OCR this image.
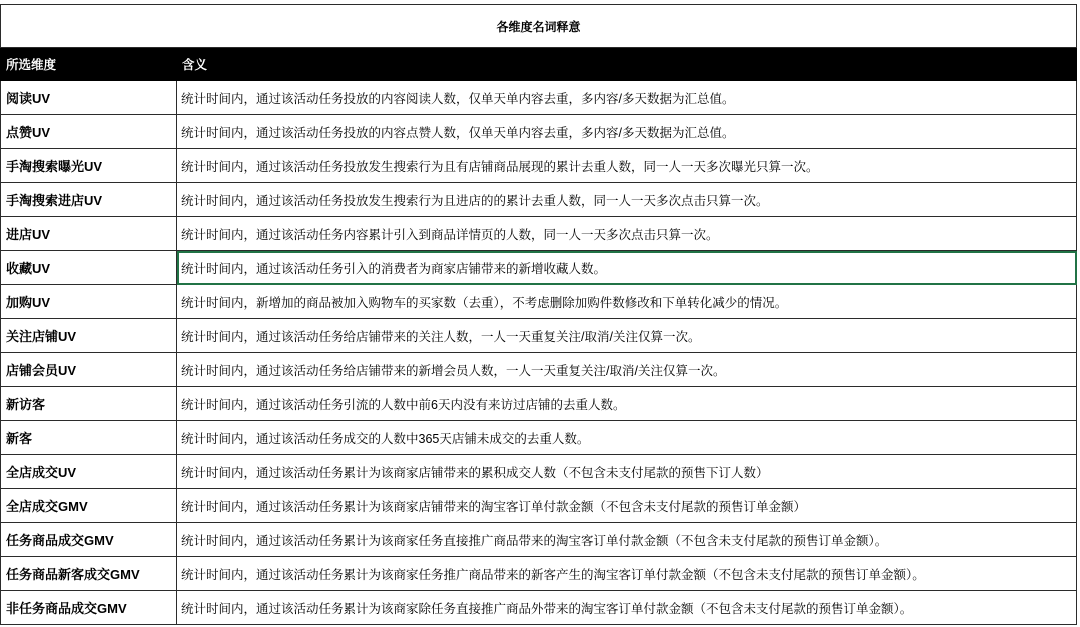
各维度名词释意	
所选维度	含义
阅读UV	统计时间内，通过该活动任务投放的内容阅读人数，仅单天单内容去重，多内容/多天数据为汇总值。
点赞UV	统计时间内，通过该活动任务投放的内容点赞人数，仅单天单内容去重，多内容/多天数据为汇总值。
手淘搜索曝光UV	统计时间内，通过该活动任务投放发生搜索行为且有店铺商品展现的累计去重人数，同一人一天多次曝光只算一次。
手淘搜索进店UV	统计时间内，通过该活动任务投放发生搜索行为且进店的的累计去重人数，同一人一天多次点击只算一次。
进店UV	统计时间内，通过该活动任务内容累计引入到商品详情页的人数，同一人一天多次点击只算一次。
收藏UV	统计时间内，通过该活动任务引入的消费者为商家店铺带来的新增收藏人数。
加购UV	统计时间内，新增加的商品被加入购物车的买家数（去重），不考虑删除加购件数修改和下单转化减少的情况。
关注店铺UV	统计时间内，通过该活动任务给店铺带来的关注人数，一人一天重复关注/取消/关注仅算一次。
店铺会员UV	统计时间内，通过该活动任务给店铺带来的新增会员人数，一人一天重复关注/取消/关注仅算一次。
新访客	统计时间内，通过该活动任务引流的人数中前6天内没有来访过店铺的去重人数。
新客	统计时间内，通过该活动任务成交的人数中365天店铺未成交的去重人数。
全店成交UV	统计时间内，通过该活动任务累计为该商家店铺带来的累积成交人数（不包含未支付尾款的预售下订人数）
全店成交GMV	统计时间内，通过该活动任务累计为该商家店铺带来的淘宝客订单付款金额（不包含未支付尾款的预售订单金额）
任务商品成交GMV	统计时间内，通过该活动任务累计为该商家任务直接推广商品带来的淘宝客订单付款金额（不包含未支付尾款的预售订单金额）。
任务商品新客成交GMV	统计时间内，通过该活动任务累计为该商家任务推广商品带来的新客产生的淘宝客订单付款金额（不包含未支付尾款的预售订单金额）。
非任务商品成交GMV	统计时间内，通过该活动任务累计为该商家除任务直接推广商品外带来的淘宝客订单付款金额（不包含未支付尾款的预售订单金额）。
